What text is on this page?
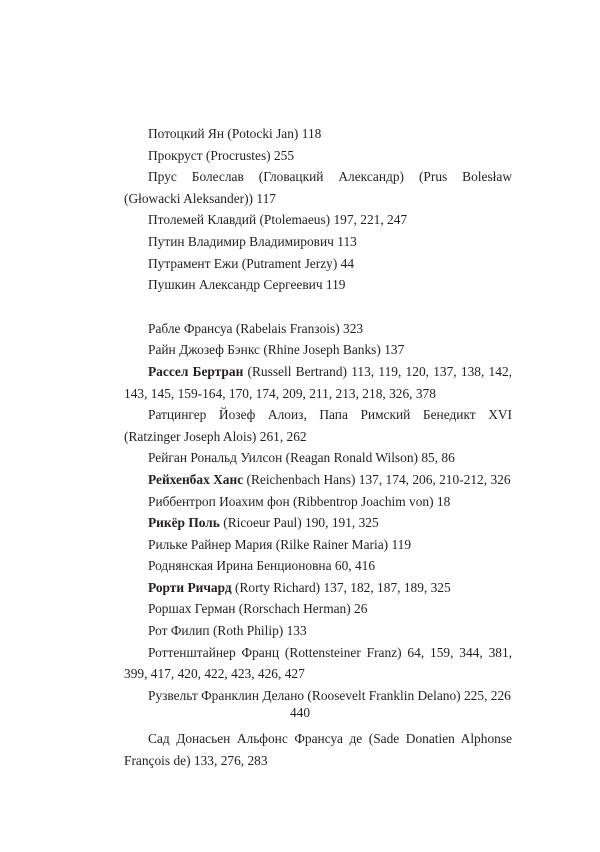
Потоцкий Ян (Potocki Jan) 118

Прокруст (Procrustes) 255

Прус Болеслав (Гловацкий Александр) (Prus Bolesław (Głowacki Aleksander)) 117

Птолемей Клавдий (Ptolemaeus) 197, 221, 247

Путин Владимир Владимирович 113

Путрамент Ежи (Putrament Jerzy) 44

Пушкин Александр Сергеевич 119

Рабле Франсуа (Rabelais Franзois) 323

Райн Джозеф Бэнкс (Rhine Joseph Banks) 137

Рассел Бертран (Russell Bertrand) 113, 119, 120, 137, 138, 142, 143, 145, 159-164, 170, 174, 209, 211, 213, 218, 326, 378

Ратцингер Йозеф Алоиз, Папа Римский Бенедикт XVI (Ratzinger Joseph Alois) 261, 262

Рейган Рональд Уилсон (Reagan Ronald Wilson) 85, 86

Рейхенбах Ханс (Reichenbach Hans) 137, 174, 206, 210-212, 326

Риббентроп Иоахим фон (Ribbentrop Joachim von) 18

Рикёр Поль (Ricoeur Paul) 190, 191, 325

Рильке Райнер Мария (Rilke Rainer Maria) 119

Роднянская Ирина Бенционовна 60, 416

Рорти Ричард (Rorty Richard) 137, 182, 187, 189, 325

Роршах Герман (Rorschach Herman) 26

Рот Филип (Roth Philip) 133

Роттенштайнер Франц (Rottensteiner Franz) 64, 159, 344, 381, 399, 417, 420, 422, 423, 426, 427

Рузвельт Франклин Делано (Roosevelt Franklin Delano) 225, 226

Сад Донасьен Альфонс Франсуа де (Sade Donatien Alphonse François de) 133, 276, 283

440
